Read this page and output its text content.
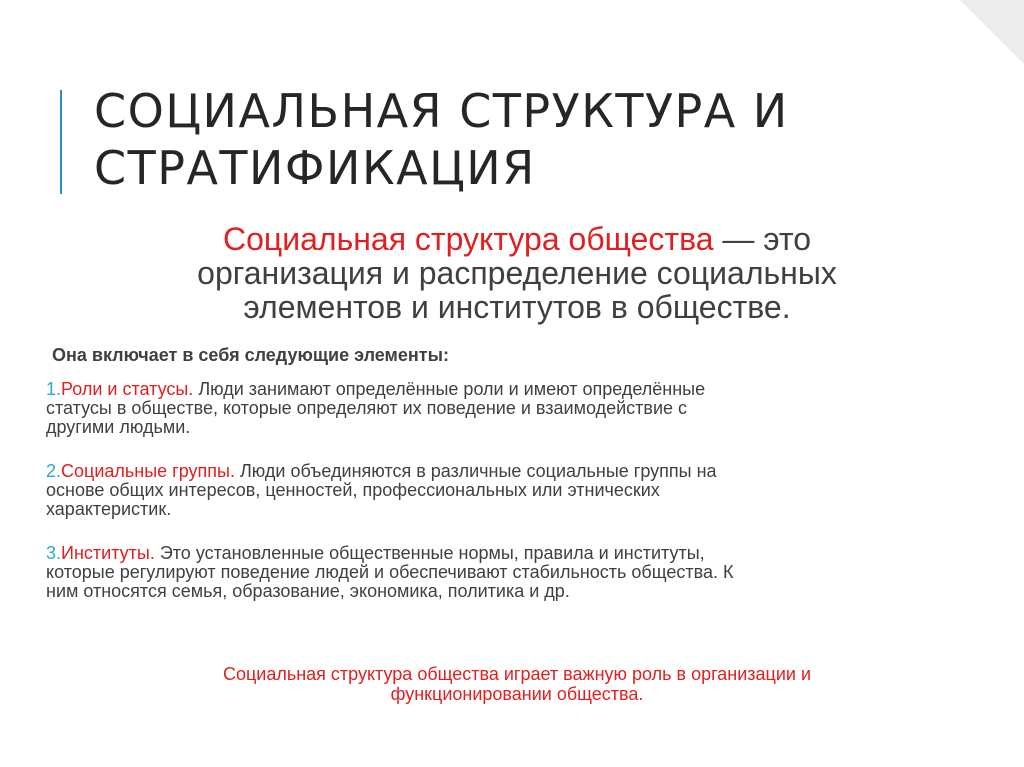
СОЦИАЛЬНАЯ СТРУКТУРА И
СТРАТИФИКАЦИЯ

Социальная структура общества — это
организация и распределение социальных
элементов и институтов в обществе.

Она включает в себя следующие элементы:

1.Роли и статусы. Люди занимают определённые роли и имеют определённые
статусы в обществе, которые определяют их поведение и взаимодействие с
другими людьми.
2.Социальные группы. Люди объединяются в различные социальные группы на
основе общих интересов, ценностей, профессиональных или этнических
характеристик.
3.Институты. Это установленные общественные нормы, правила и институты,
которые регулируют поведение людей и обеспечивают стабильность общества. К
ним относятся семья, образование, экономика, политика и др.

Социальная структура общества играет важную роль в организации и
функционировании общества.
